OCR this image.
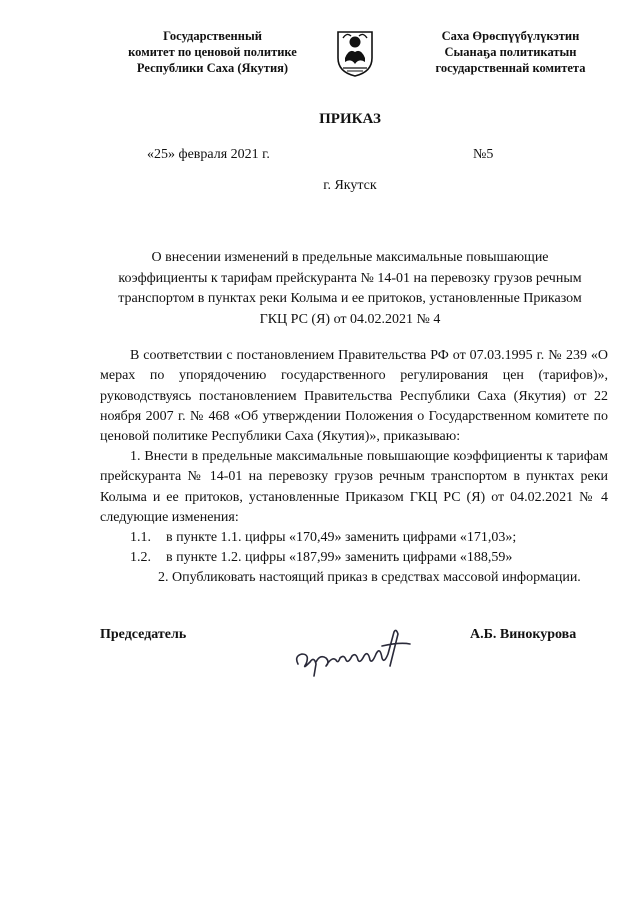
Государственный
комитет по ценовой политике
Республики Саха (Якутия)
Саха Өрөспүүбүлүкэтин
Сыанаҕа политикатын
государственнай комитета
ПРИКАЗ
«25» февраля 2021 г.	№5
г. Якутск
О внесении изменений в предельные максимальные повышающие
коэффициенты к тарифам прейскуранта № 14-01 на перевозку грузов речным
транспортом в пунктах реки Колыма и ее притоков, установленные Приказом
ГКЦ РС (Я) от 04.02.2021 № 4
В соответствии с постановлением Правительства РФ от 07.03.1995 г. № 239 «О мерах по упорядочению государственного регулирования цен (тарифов)», руководствуясь постановлением Правительства Республики Саха (Якутия) от 22 ноября 2007 г. № 468 «Об утверждении Положения о Государственном комитете по ценовой политике Республики Саха (Якутия)», приказываю:
1. Внести в предельные максимальные повышающие коэффициенты к тарифам прейскуранта № 14-01 на перевозку грузов речным транспортом в пунктах реки Колыма и ее притоков, установленные Приказом ГКЦ РС (Я) от 04.02.2021 № 4 следующие изменения:
1.1. в пункте 1.1. цифры «170,49» заменить цифрами «171,03»;
1.2. в пункте 1.2. цифры «187,99» заменить цифрами «188,59»
2. Опубликовать настоящий приказ в средствах массовой информации.
Председатель	А.Б. Винокурова
